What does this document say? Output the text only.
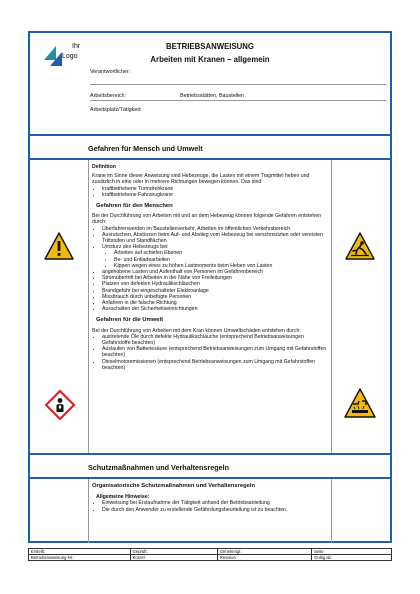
Ihr
Logo
BETRIEBSANWEISUNG
Arbeiten mit Kranen – allgemein
Verantwortlicher:
Arbeitsbereich:	Betriebsstätten, Baustellen
Arbeitsplatz/Tätigkeit:
Gefahren für Mensch und Umwelt
Definition
Krane im Sinne dieser Anweisung sind Hebezeuge, die Lasten mit einem Tragmittel heben und zusätzlich in eine oder in mehrere Richtungen bewegen können. Das sind:
• kraftbetriebene Turmdrehkrane
• kraftbetriebene Fahrzeugkrane
Gefahren für den Menschen
Bei der Durchführung von Arbeiten mit und an dem Hebezeug können folgende Gefahren entstehen durch:
• Überfahrenwerden im Baustellenverkehr, Arbeiten im öffentlichen Verkehrsbereich
• Ausrutschen, Abstürzen beim Auf- und Abstieg vom Hebezeug bei verschmutzten oder vereisten Trittstufen und Standflächen
• Umsturz des Hebezeugs bei:
• Arbeiten auf schiefen Ebenen
• Be- und Entladearbeiten
• Kippen wegen eines zu hohen Lastmoments beim Heben von Lasten
• angehobene Lasten und Aufenthalt von Personen im Gefahrenbereich
• Stromübertritt bei Arbeiten in der Nähe von Freileitungen
• Platzen von defekten Hydraulikschläuchen
• Brandgefahr bei eingeschalteter Elektroanlage
• Missbrauch durch unbefugte Personen
• Anfahren in die falsche Richtung
• Ausschalten der Sicherheitseinrichtungen
Gefahren für die Umwelt
Bei der Durchführung von Arbeiten mit dem Kran können Umweltschäden entstehen durch:
• austretende Öle durch defekte Hydraulikschläuche (entsprechend Betriebsanweisungen Gefahrstoffe beachten)
• Auslaufen von Batteriesäure (entsprechend Betriebsanweisungen zum Umgang mit Gefahrstoffen beachten)
• Dieselmotoremissionen (entsprechend Betriebsanweisungen zum Umgang mit Gefahrstoffen beachten)
Schutzmaßnahmen und Verhaltensregeln
Organisatorische Schutzmaßnahmen und Verhaltensregeln
Allgemeine Hinweise:
• Einweisung bei Erstaufnahme der Tätigkeit anhand der Betriebsanleitung
• Die durch den Anwender zu erstellende Gefährdungsbeurteilung ist zu beachten.
Erstellt:	Geprüft:	Genehmigt:	Seite
Betriebsanweisung-Nr.:	Kürzel:	Revision:	Gültig ab:
